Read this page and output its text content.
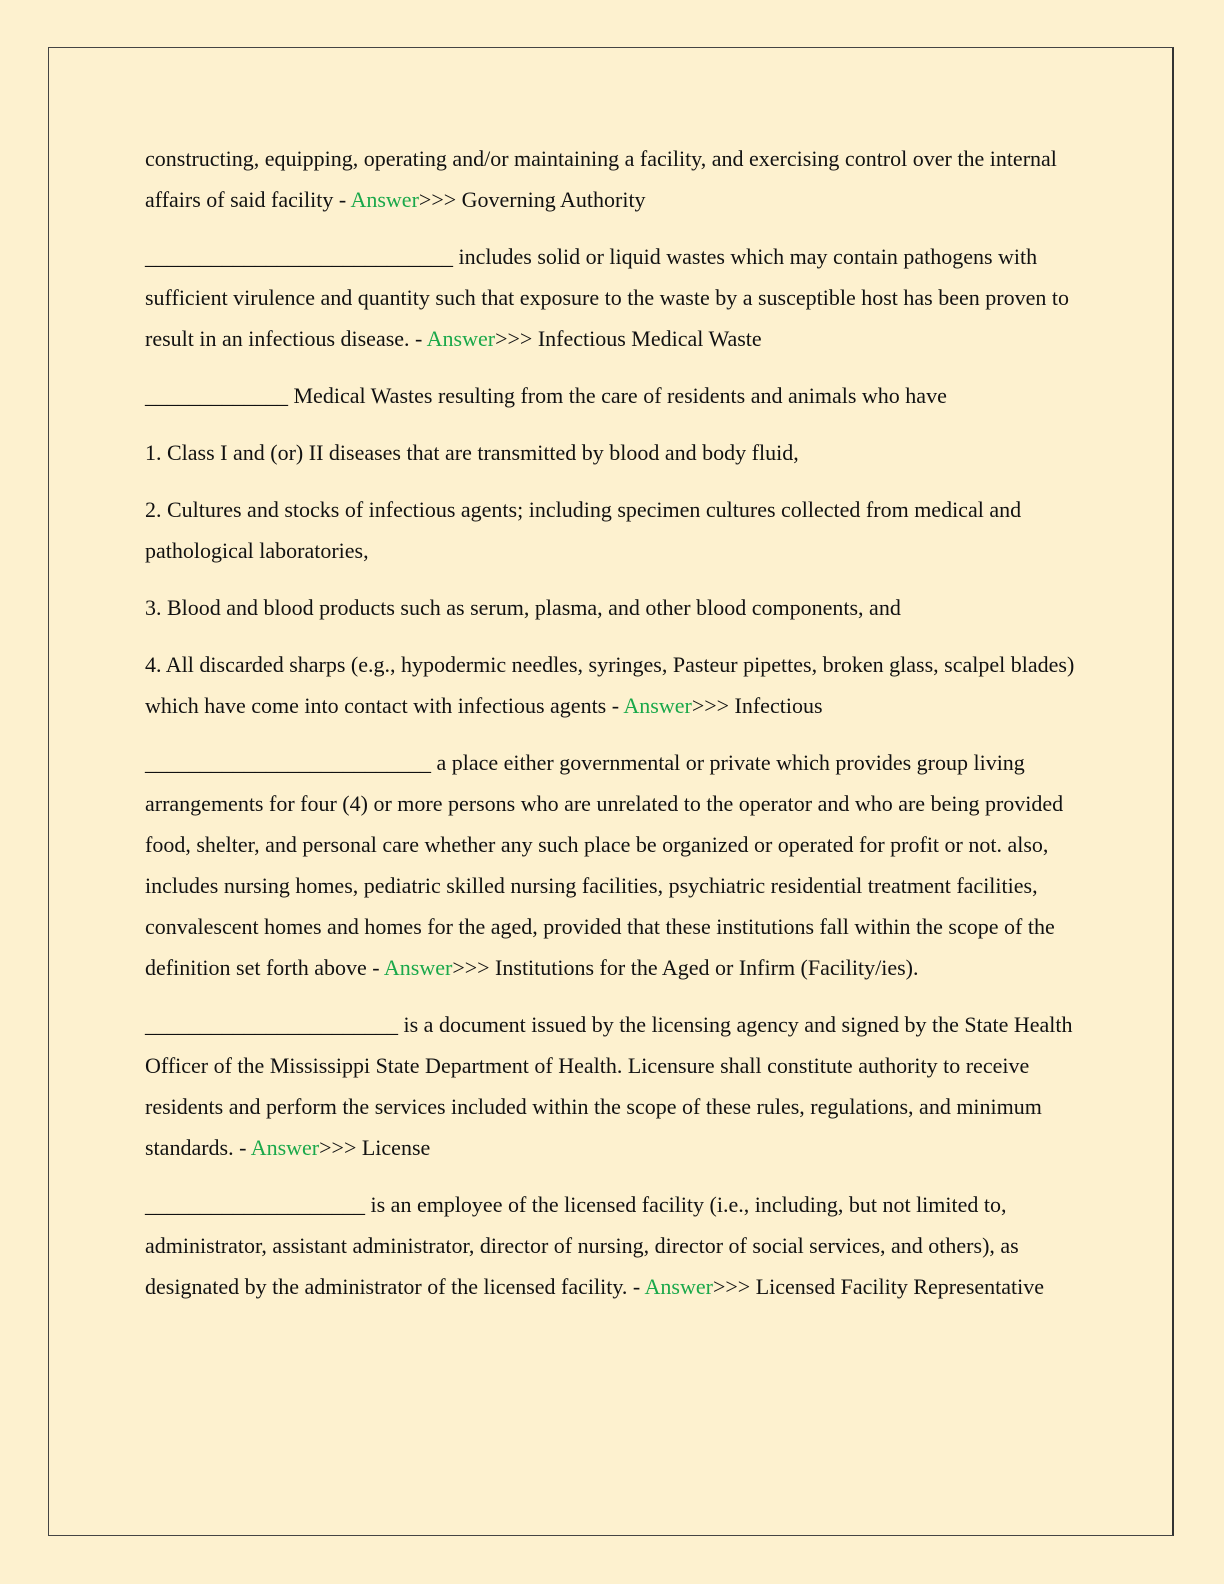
constructing, equipping, operating and/or maintaining a facility, and exercising control over the internal affairs of said facility - Answer>>> Governing Authority

____________________________ includes solid or liquid wastes which may contain pathogens with sufficient virulence and quantity such that exposure to the waste by a susceptible host has been proven to result in an infectious disease. - Answer>>> Infectious Medical Waste

_____________ Medical Wastes resulting from the care of residents and animals who have

1. Class I and (or) II diseases that are transmitted by blood and body fluid,

2. Cultures and stocks of infectious agents; including specimen cultures collected from medical and pathological laboratories,

3. Blood and blood products such as serum, plasma, and other blood components, and

4. All discarded sharps (e.g., hypodermic needles, syringes, Pasteur pipettes, broken glass, scalpel blades) which have come into contact with infectious agents - Answer>>> Infectious

__________________________ a place either governmental or private which provides group living arrangements for four (4) or more persons who are unrelated to the operator and who are being provided food, shelter, and personal care whether any such place be organized or operated for profit or not. also, includes nursing homes, pediatric skilled nursing facilities, psychiatric residential treatment facilities, convalescent homes and homes for the aged, provided that these institutions fall within the scope of the definition set forth above - Answer>>> Institutions for the Aged or Infirm (Facility/ies).

_______________________ is a document issued by the licensing agency and signed by the State Health Officer of the Mississippi State Department of Health. Licensure shall constitute authority to receive residents and perform the services included within the scope of these rules, regulations, and minimum standards. - Answer>>> License

____________________ is an employee of the licensed facility (i.e., including, but not limited to, administrator, assistant administrator, director of nursing, director of social services, and others), as designated by the administrator of the licensed facility. - Answer>>> Licensed Facility Representative
